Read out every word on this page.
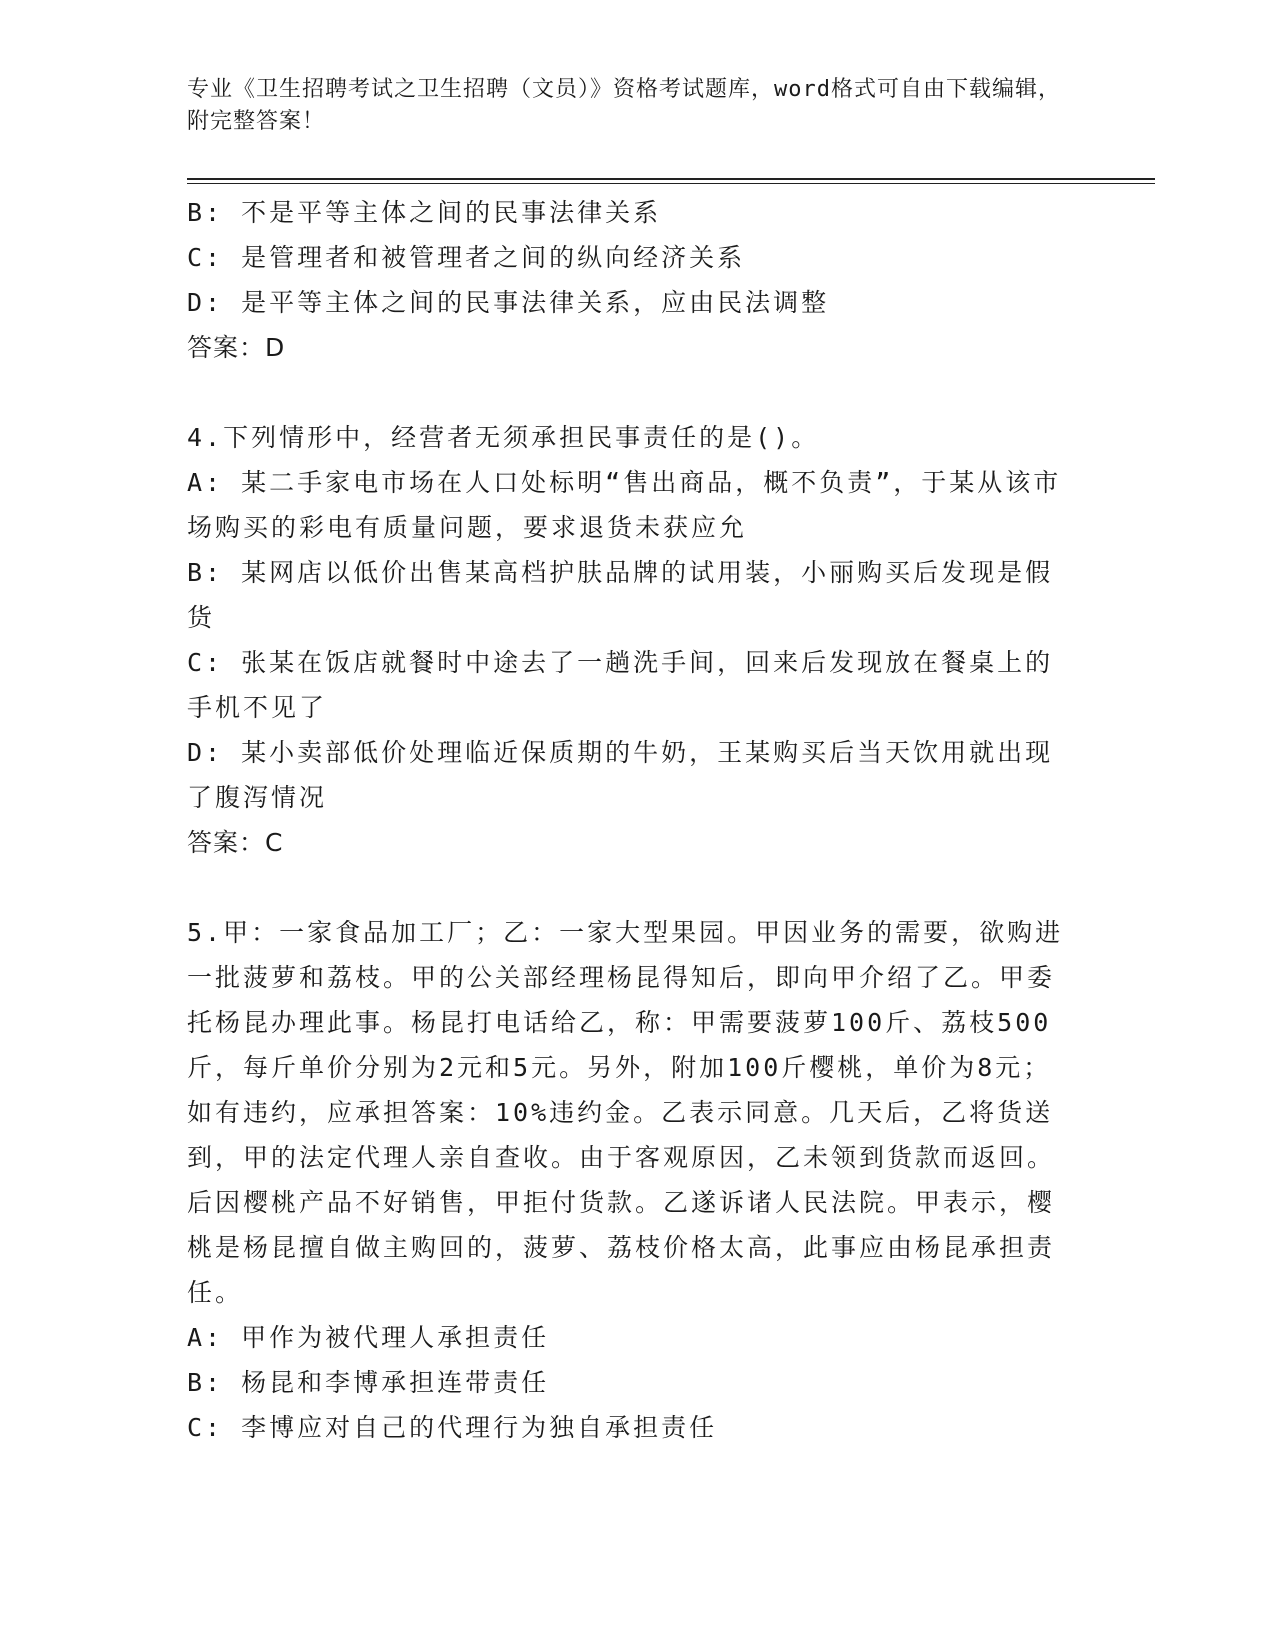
专业《卫生招聘考试之卫生招聘（文员）》资格考试题库，word格式可自由下载编辑，附完整答案！
B: 不是平等主体之间的民事法律关系
C: 是管理者和被管理者之间的纵向经济关系
D: 是平等主体之间的民事法律关系，应由民法调整
答案：D
4.下列情形中，经营者无须承担民事责任的是()。
A: 某二手家电市场在人口处标明“售出商品，概不负责”，于某从该市场购买的彩电有质量问题，要求退货未获应允
B: 某网店以低价出售某高档护肤品牌的试用装，小丽购买后发现是假货
C: 张某在饭店就餐时中途去了一趟洗手间，回来后发现放在餐桌上的手机不见了
D: 某小卖部低价处理临近保质期的牛奶，王某购买后当天饮用就出现了腹泻情况
答案：C
5.甲：一家食品加工厂；乙：一家大型果园。甲因业务的需要，欲购进一批菠萝和荔枝。甲的公关部经理杨昆得知后，即向甲介绍了乙。甲委托杨昆办理此事。杨昆打电话给乙，称：甲需要菠萝100斤、荔枝500斤，每斤单价分别为2元和5元。另外，附加100斤樱桃，单价为8元；如有违约，应承担答案：10%违约金。乙表示同意。几天后，乙将货送到，甲的法定代理人亲自查收。由于客观原因，乙未领到货款而返回。后因樱桃产品不好销售，甲拒付货款。乙遂诉诸人民法院。甲表示，樱桃是杨昆擅自做主购回的，菠萝、荔枝价格太高，此事应由杨昆承担责任。
A: 甲作为被代理人承担责任
B: 杨昆和李博承担连带责任
C: 李博应对自己的代理行为独自承担责任
